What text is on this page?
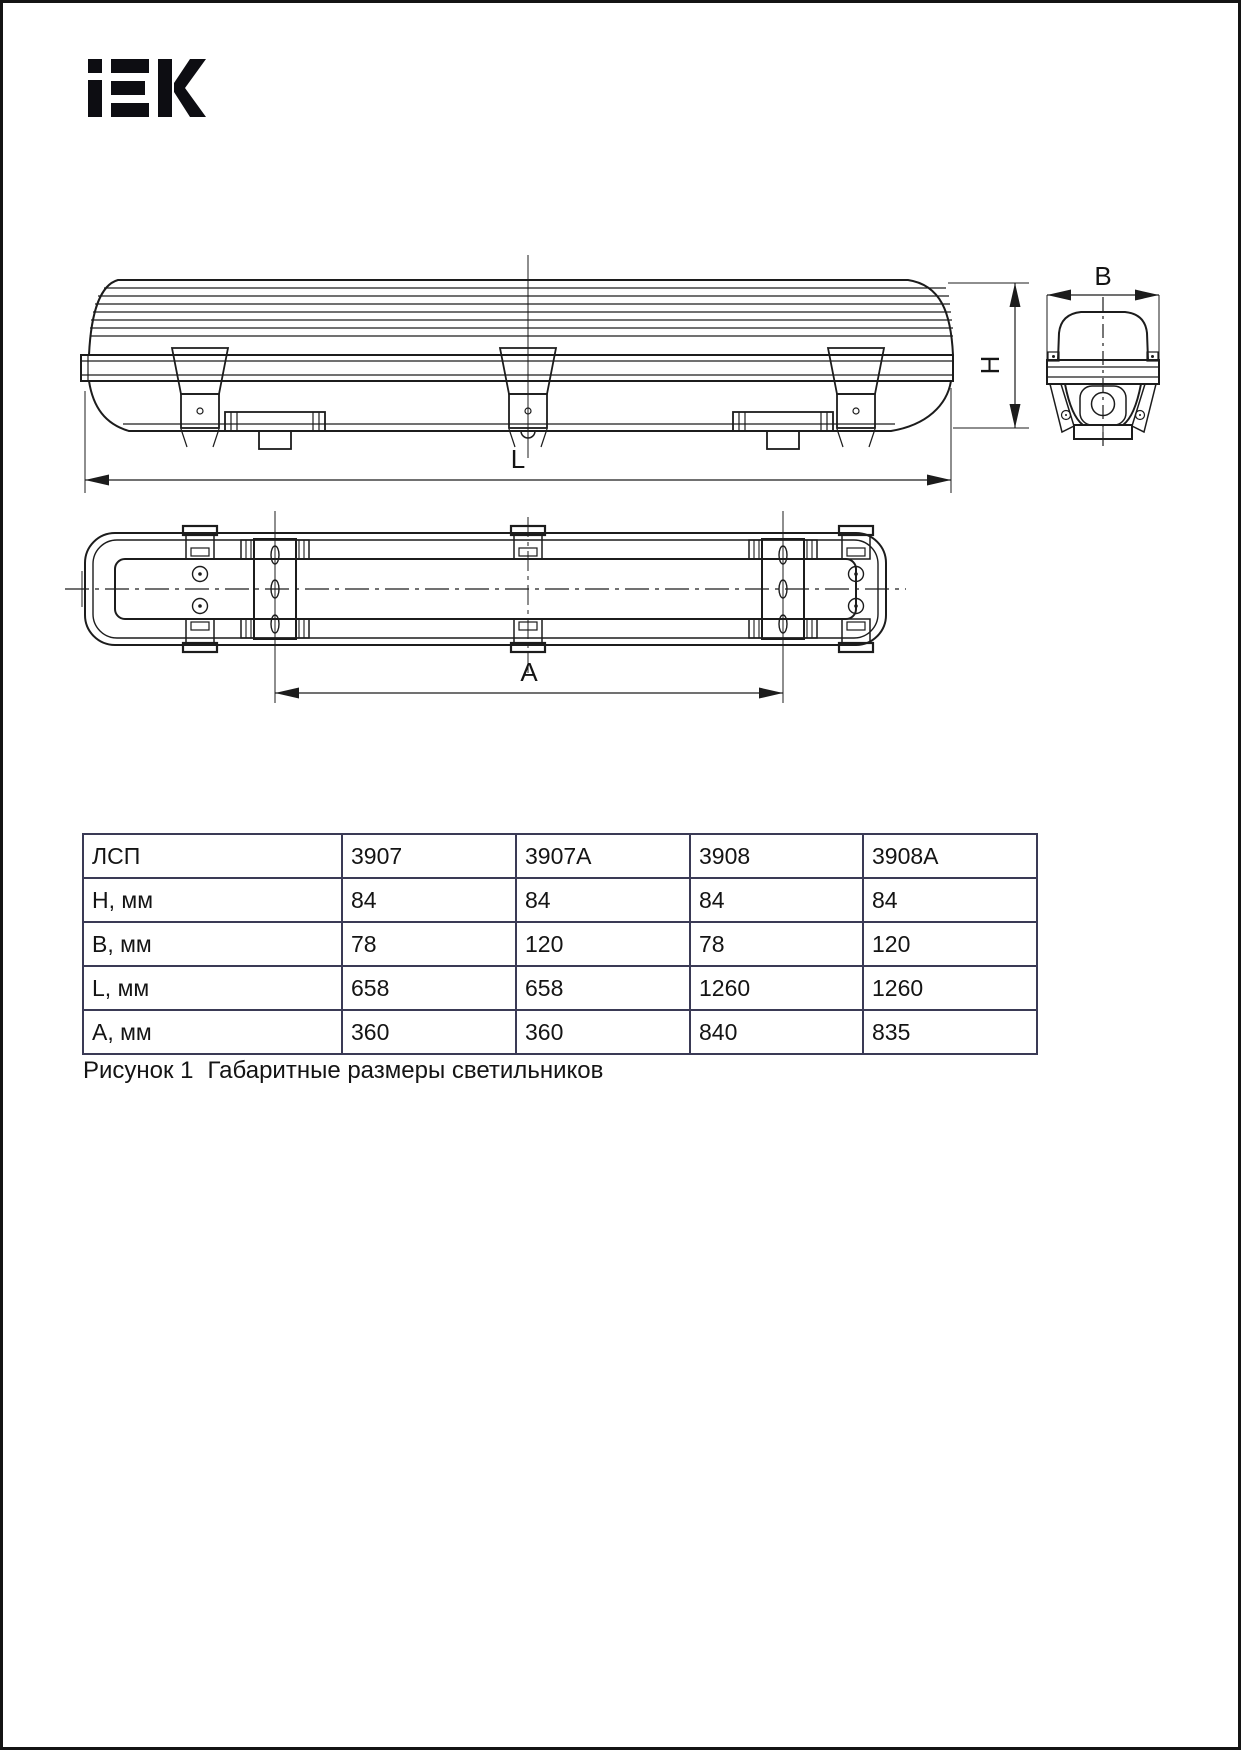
H
L
A
B
ЛСП	3907	3907А	3908	3908А
H, мм	84	84	84	84
B, мм	78	120	78	120
L, мм	658	658	1260	1260
A, мм	360	360	840	835
Рисунок 1 Габаритные размеры светильников
